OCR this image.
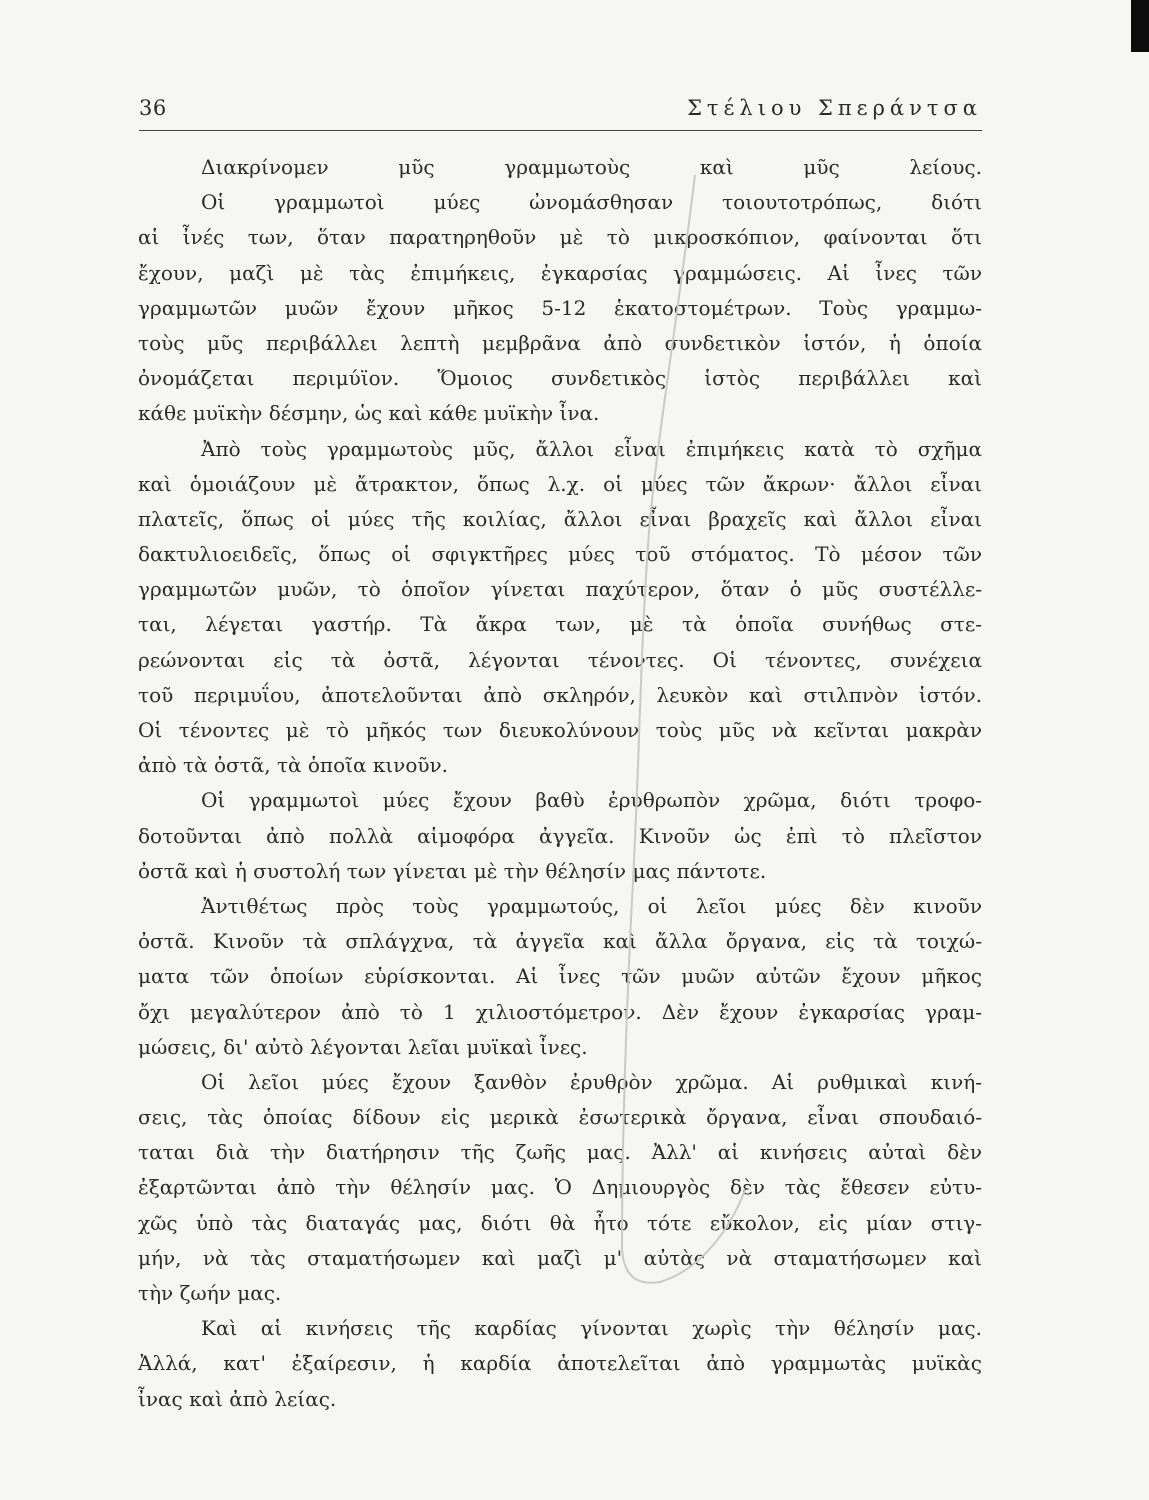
36	Στέλιου Σπεράντσα
Διακρίνομεν μῦς γραμμωτοὺς καὶ μῦς λείους.
Οἱ γραμμωτοὶ μύες ὠνομάσθησαν τοιουτοτρόπως, διότι
αἱ ἶνές των, ὅταν παρατηρηθοῦν μὲ τὸ μικροσκόπιον, φαίνονται ὅτι
ἔχουν, μαζὶ μὲ τὰς ἐπιμήκεις, ἐγκαρσίας γραμμώσεις. Αἱ ἶνες τῶν
γραμμωτῶν μυῶν ἔχουν μῆκος 5-12 ἑκατοστομέτρων. Τοὺς γραμμω-
τοὺς μῦς περιβάλλει λεπτὴ μεμβρᾶνα ἀπὸ συνδετικὸν ἱστόν, ἡ ὁποία
ὀνομάζεται περιμύϊον. Ὅμοιος συνδετικὸς ἱστὸς περιβάλλει καὶ
κάθε μυϊκὴν δέσμην, ὡς καὶ κάθε μυϊκὴν ἶνα.
Ἀπὸ τοὺς γραμμωτοὺς μῦς, ἄλλοι εἶναι ἐπιμήκεις κατὰ τὸ σχῆμα
καὶ ὁμοιάζουν μὲ ἄτρακτον, ὅπως λ.χ. οἱ μύες τῶν ἄκρων· ἄλλοι εἶναι
πλατεῖς, ὅπως οἱ μύες τῆς κοιλίας, ἄλλοι εἶναι βραχεῖς καὶ ἄλλοι εἶναι
δακτυλιοειδεῖς, ὅπως οἱ σφιγκτῆρες μύες τοῦ στόματος. Τὸ μέσον τῶν
γραμμωτῶν μυῶν, τὸ ὁποῖον γίνεται παχύτερον, ὅταν ὁ μῦς συστέλλε-
ται, λέγεται γαστήρ. Τὰ ἄκρα των, μὲ τὰ ὁποῖα συνήθως στε-
ρεώνονται εἰς τὰ ὀστᾶ, λέγονται τένοντες. Οἱ τένοντες, συνέχεια
τοῦ περιμυΐου, ἀποτελοῦνται ἀπὸ σκληρόν, λευκὸν καὶ στιλπνὸν ἱστόν.
Οἱ τένοντες μὲ τὸ μῆκός των διευκολύνουν τοὺς μῦς νὰ κεῖνται μακρὰν
ἀπὸ τὰ ὀστᾶ, τὰ ὁποῖα κινοῦν.
Οἱ γραμμωτοὶ μύες ἔχουν βαθὺ ἐρυθρωπὸν χρῶμα, διότι τροφο-
δοτοῦνται ἀπὸ πολλὰ αἱμοφόρα ἀγγεῖα. Κινοῦν ὡς ἐπὶ τὸ πλεῖστον
ὀστᾶ καὶ ἡ συστολή των γίνεται μὲ τὴν θέλησίν μας πάντοτε.
Ἀντιθέτως πρὸς τοὺς γραμμωτούς, οἱ λεῖοι μύες δὲν κινοῦν
ὀστᾶ. Κινοῦν τὰ σπλάγχνα, τὰ ἀγγεῖα καὶ ἄλλα ὄργανα, εἰς τὰ τοιχώ-
ματα τῶν ὁποίων εὑρίσκονται. Αἱ ἶνες τῶν μυῶν αὐτῶν ἔχουν μῆκος
ὄχι μεγαλύτερον ἀπὸ τὸ 1 χιλιοστόμετρον. Δὲν ἔχουν ἐγκαρσίας γραμ-
μώσεις, δι' αὐτὸ λέγονται λεῖαι μυϊκαὶ ἶνες.
Οἱ λεῖοι μύες ἔχουν ξανθὸν ἐρυθρὸν χρῶμα. Αἱ ρυθμικαὶ κινή-
σεις, τὰς ὁποίας δίδουν εἰς μερικὰ ἐσωτερικὰ ὄργανα, εἶναι σπουδαιό-
ταται διὰ τὴν διατήρησιν τῆς ζωῆς μας. Ἀλλ' αἱ κινήσεις αὐταὶ δὲν
ἐξαρτῶνται ἀπὸ τὴν θέλησίν μας. Ὁ Δημιουργὸς δὲν τὰς ἔθεσεν εὐτυ-
χῶς ὑπὸ τὰς διαταγάς μας, διότι θὰ ἦτο τότε εὔκολον, εἰς μίαν στιγ-
μήν, νὰ τὰς σταματήσωμεν καὶ μαζὶ μ' αὐτὰς νὰ σταματήσωμεν καὶ
τὴν ζωήν μας.
Καὶ αἱ κινήσεις τῆς καρδίας γίνονται χωρὶς τὴν θέλησίν μας.
Ἀλλά, κατ' ἐξαίρεσιν, ἡ καρδία ἀποτελεῖται ἀπὸ γραμμωτὰς μυϊκὰς
ἶνας καὶ ἀπὸ λείας.
